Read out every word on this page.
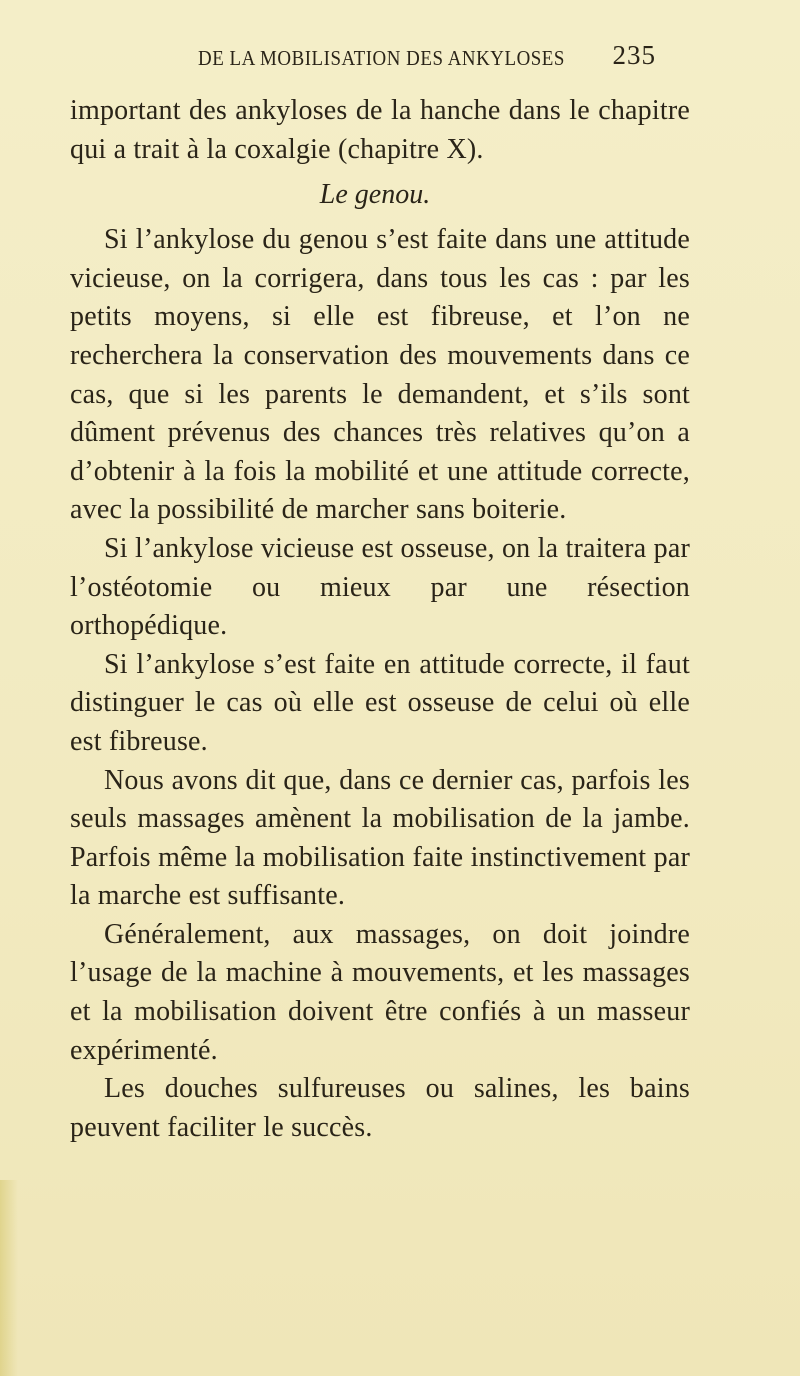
DE LA MOBILISATION DES ANKYLOSES	235

important des ankyloses de la hanche dans le chapitre qui a trait à la coxalgie (chapitre X).

Le genou.

Si l’ankylose du genou s’est faite dans une attitude vicieuse, on la corrigera, dans tous les cas : par les petits moyens, si elle est fibreuse, et l’on ne recherchera la conservation des mouvements dans ce cas, que si les parents le demandent, et s’ils sont dûment prévenus des chances très relatives qu’on a d’obtenir à la fois la mobilité et une attitude correcte, avec la possibilité de marcher sans boiterie.

Si l’ankylose vicieuse est osseuse, on la traitera par l’ostéotomie ou mieux par une résection orthopédique.

Si l’ankylose s’est faite en attitude correcte, il faut distinguer le cas où elle est osseuse de celui où elle est fibreuse.

Nous avons dit que, dans ce dernier cas, parfois les seuls massages amènent la mobilisation de la jambe. Parfois même la mobilisation faite instinctivement par la marche est suffisante.

Généralement, aux massages, on doit joindre l’usage de la machine à mouvements, et les massages et la mobilisation doivent être confiés à un masseur expérimenté.

Les douches sulfureuses ou salines, les bains peuvent faciliter le succès.
